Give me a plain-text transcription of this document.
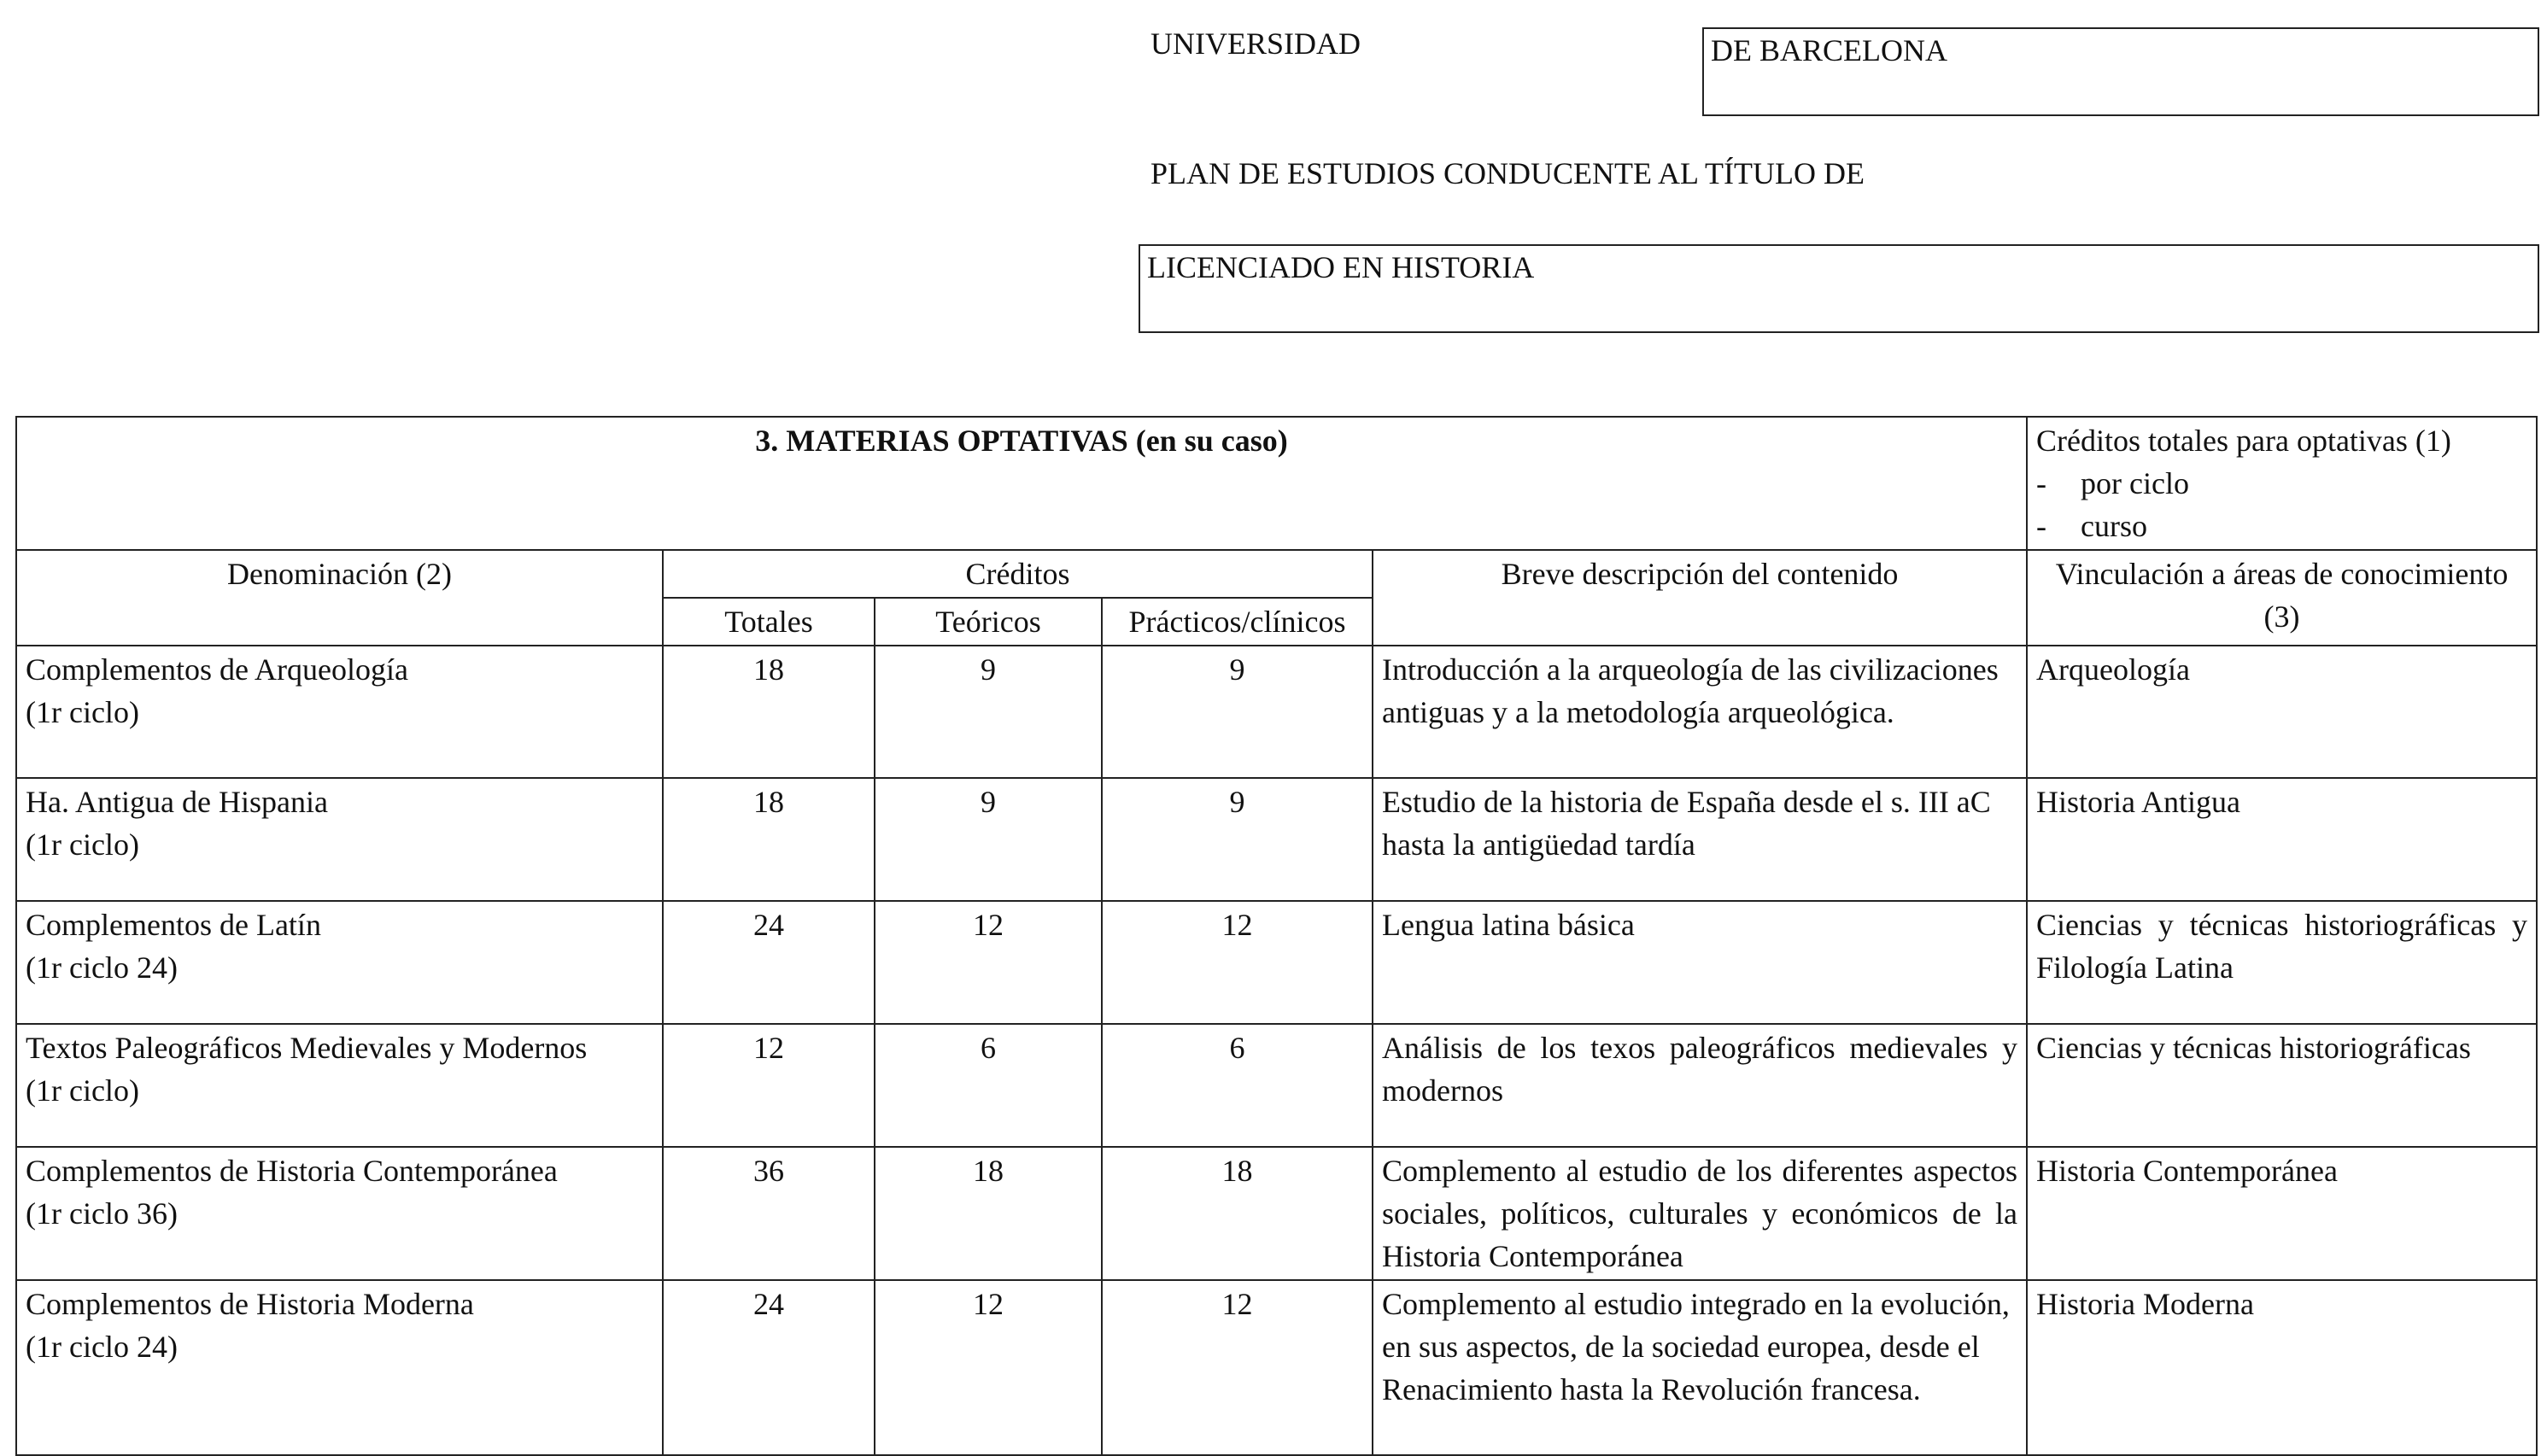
UNIVERSIDAD	DE BARCELONA
PLAN DE ESTUDIOS CONDUCENTE AL TÍTULO DE
LICENCIADO EN HISTORIA
3. MATERIAS OPTATIVAS (en su caso)					Créditos totales para optativas (1)
- por ciclo
- curso

Denominación (2)	Créditos			Breve descripción del contenido	Vinculación a áreas de conocimiento (3)
	Totales	Teóricos	Prácticos/clínicos		

Complementos de Arqueología
(1r ciclo)	18	9	9	Introducción a la arqueología de las civilizaciones antiguas y a la metodología arqueológica.	Arqueología

Ha. Antigua de Hispania
(1r ciclo)	18	9	9	Estudio de la historia de España desde el s. III aC hasta la antigüedad tardía	Historia Antigua

Complementos de Latín
(1r ciclo 24)	24	12	12	Lengua latina básica	Ciencias y técnicas historiográficas y Filología Latina

Textos Paleográficos Medievales y Modernos
(1r ciclo)	12	6	6	Análisis de los texos paleográficos medievales y modernos	Ciencias y técnicas historiográficas

Complementos de Historia Contemporánea
(1r ciclo 36)	36	18	18	Complemento al estudio de los diferentes aspectos sociales, políticos, culturales y económicos de la Historia Contemporánea	Historia Contemporánea

Complementos de Historia Moderna
(1r ciclo 24)	24	12	12	Complemento al estudio integrado en la evolución, en sus aspectos, de la sociedad europea, desde el Renacimiento hasta la Revolución francesa.	Historia Moderna
